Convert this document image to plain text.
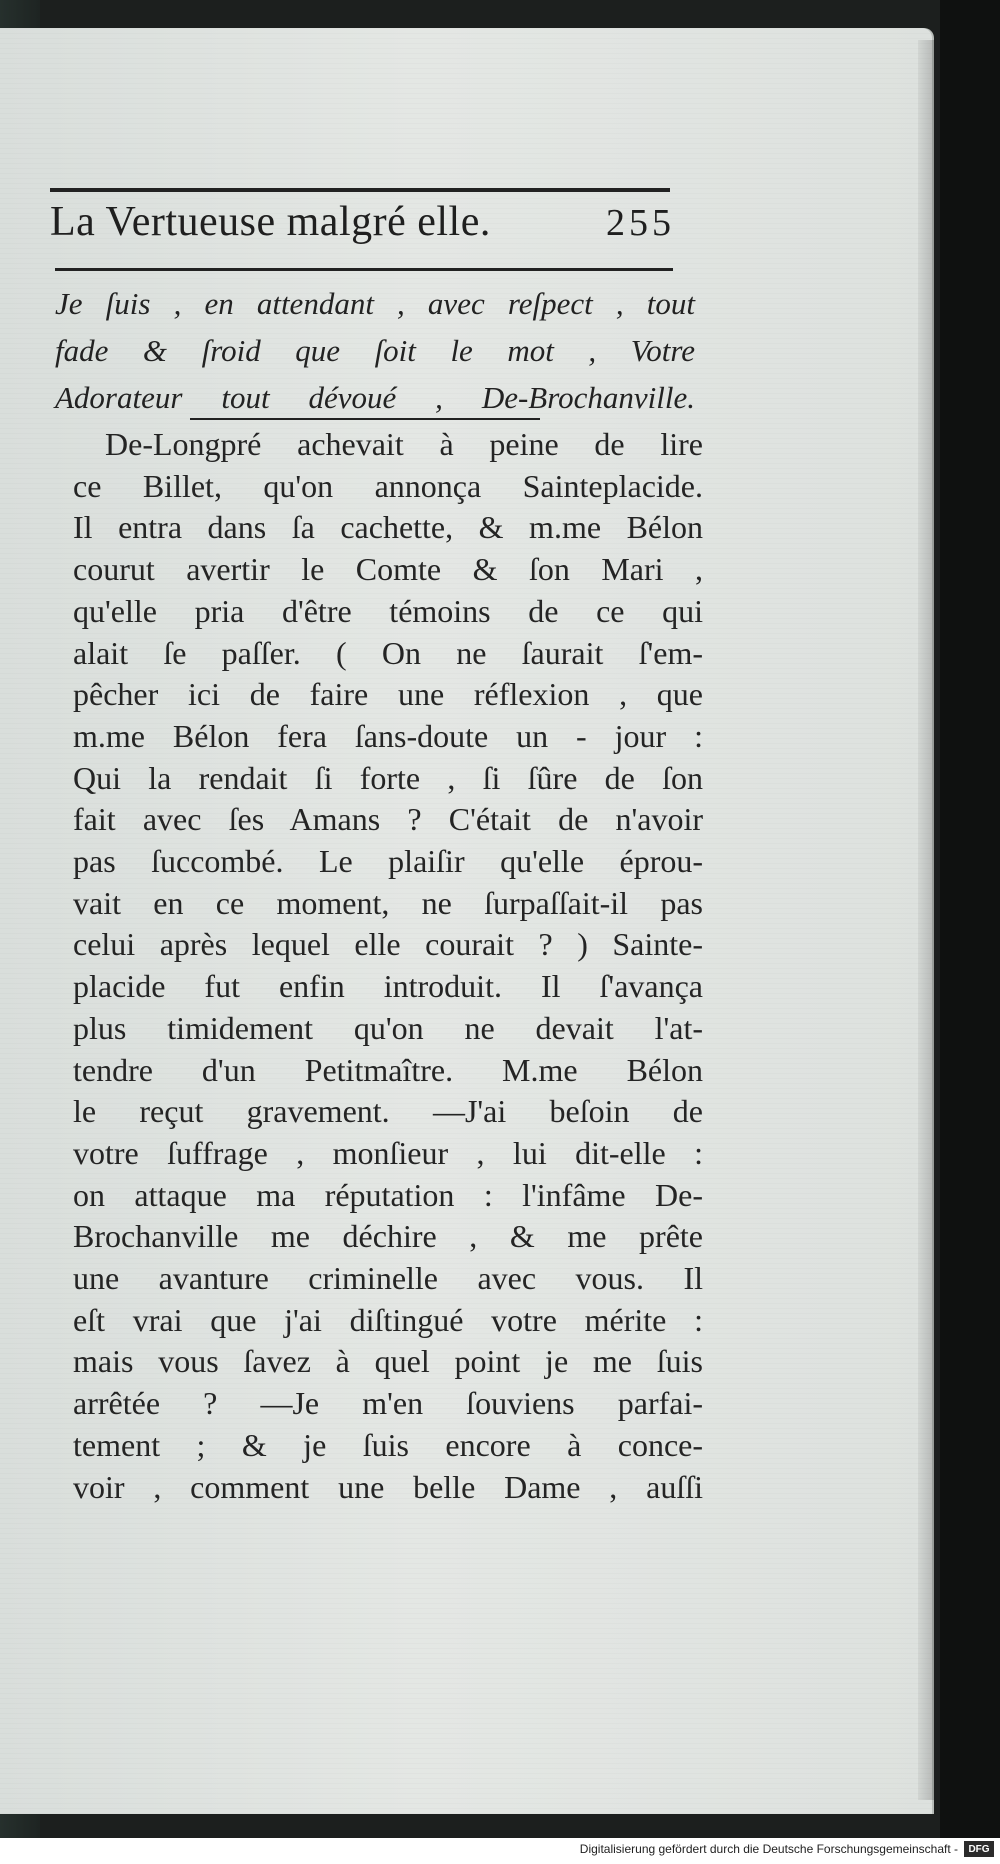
La Vertueuse malgré elle.	255
Je ſuis , en attendant , avec reſpect , tout
fade & ſroid que ſoit le mot , Votre
Adorateur tout dévoué , De-Brochanville.
De-Longpré achevait à peine de lire
ce Billet, qu'on annonça Sainteplacide.
Il entra dans ſa cachette, & m.me Bélon
courut avertir le Comte & ſon Mari ,
qu'elle pria d'être témoins de ce qui
alait ſe paſſer. ( On ne ſaurait ſ'em-
pêcher ici de faire une réflexion , que
m.me Bélon fera ſans-doute un - jour :
Qui la rendait ſi forte , ſi ſûre de ſon
fait avec ſes Amans ? C'était de n'avoir
pas ſuccombé. Le plaiſir qu'elle éprou-
vait en ce moment, ne ſurpaſſait-il pas
celui après lequel elle courait ? ) Sainte-
placide fut enfin introduit. Il ſ'avança
plus timidement qu'on ne devait l'at-
tendre d'un Petitmaître. M.me Bélon
le reçut gravement. ―J'ai beſoin de
votre ſuffrage , monſieur , lui dit-elle :
on attaque ma réputation : l'infâme De-
Brochanville me déchire , & me prête
une avanture criminelle avec vous. Il
eſt vrai que j'ai diſtingué votre mérite :
mais vous ſavez à quel point je me ſuis
arrêtée ? ―Je m'en ſouviens parfai-
tement ; & je ſuis encore à conce-
voir , comment une belle Dame , auſſi
Digitalisierung gefördert durch die Deutsche Forschungsgemeinschaft -	DFG
